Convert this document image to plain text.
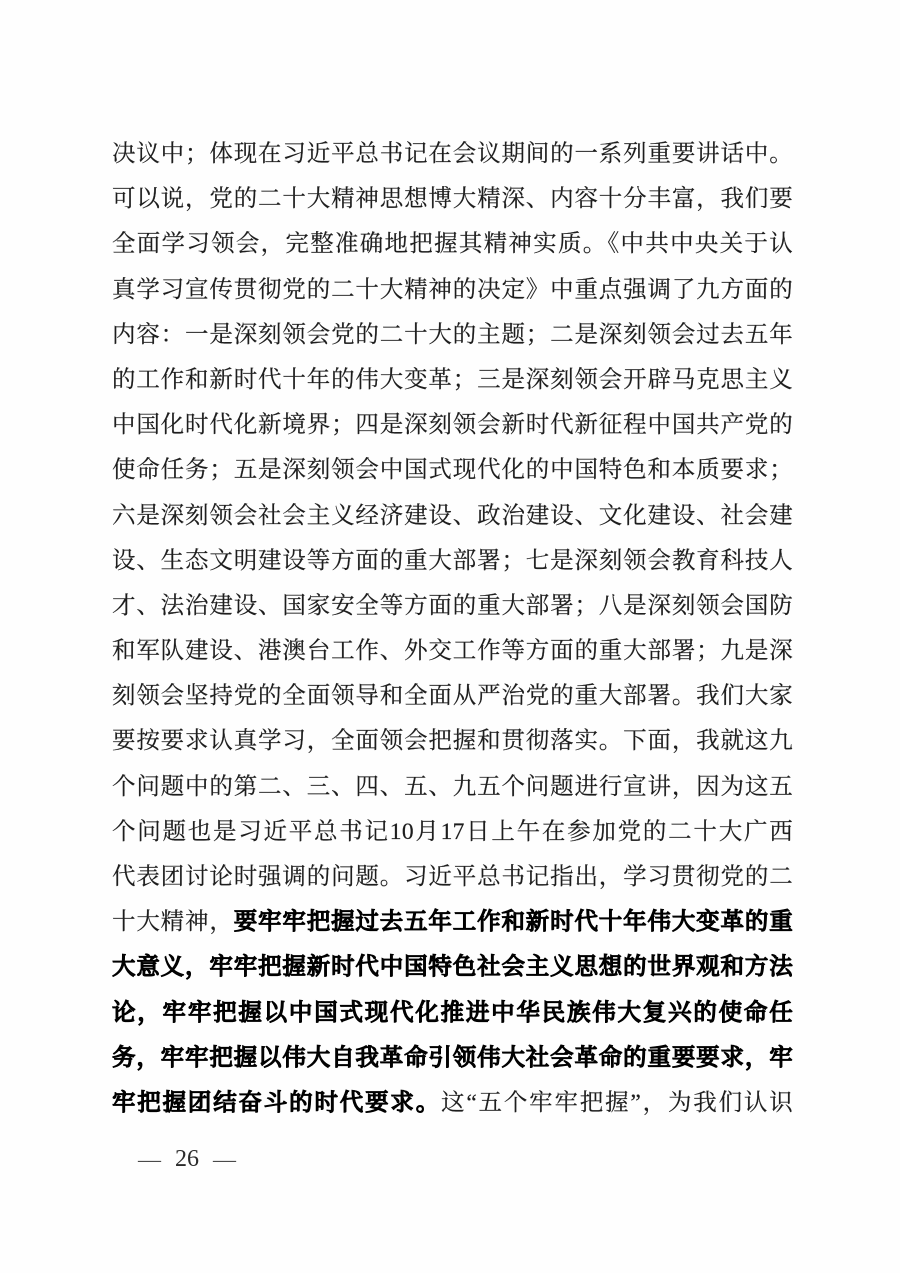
决议中；体现在习近平总书记在会议期间的一系列重要讲话中。
可以说，党的二十大精神思想博大精深、内容十分丰富，我们要
全面学习领会，完整准确地把握其精神实质。《中共中央关于认
真学习宣传贯彻党的二十大精神的决定》中重点强调了九方面的
内容：一是深刻领会党的二十大的主题；二是深刻领会过去五年
的工作和新时代十年的伟大变革；三是深刻领会开辟马克思主义
中国化时代化新境界；四是深刻领会新时代新征程中国共产党的
使命任务；五是深刻领会中国式现代化的中国特色和本质要求；
六是深刻领会社会主义经济建设、政治建设、文化建设、社会建
设、生态文明建设等方面的重大部署；七是深刻领会教育科技人
才、法治建设、国家安全等方面的重大部署；八是深刻领会国防
和军队建设、港澳台工作、外交工作等方面的重大部署；九是深
刻领会坚持党的全面领导和全面从严治党的重大部署。我们大家
要按要求认真学习，全面领会把握和贯彻落实。下面，我就这九
个问题中的第二、三、四、五、九五个问题进行宣讲，因为这五
个问题也是习近平总书记10月17日上午在参加党的二十大广西
代表团讨论时强调的问题。习近平总书记指出，学习贯彻党的二
十大精神，要牢牢把握过去五年工作和新时代十年伟大变革的重
大意义，牢牢把握新时代中国特色社会主义思想的世界观和方法
论，牢牢把握以中国式现代化推进中华民族伟大复兴的使命任
务，牢牢把握以伟大自我革命引领伟大社会革命的重要要求，牢
牢把握团结奋斗的时代要求。这“五个牢牢把握”，为我们认识
— 26 —
